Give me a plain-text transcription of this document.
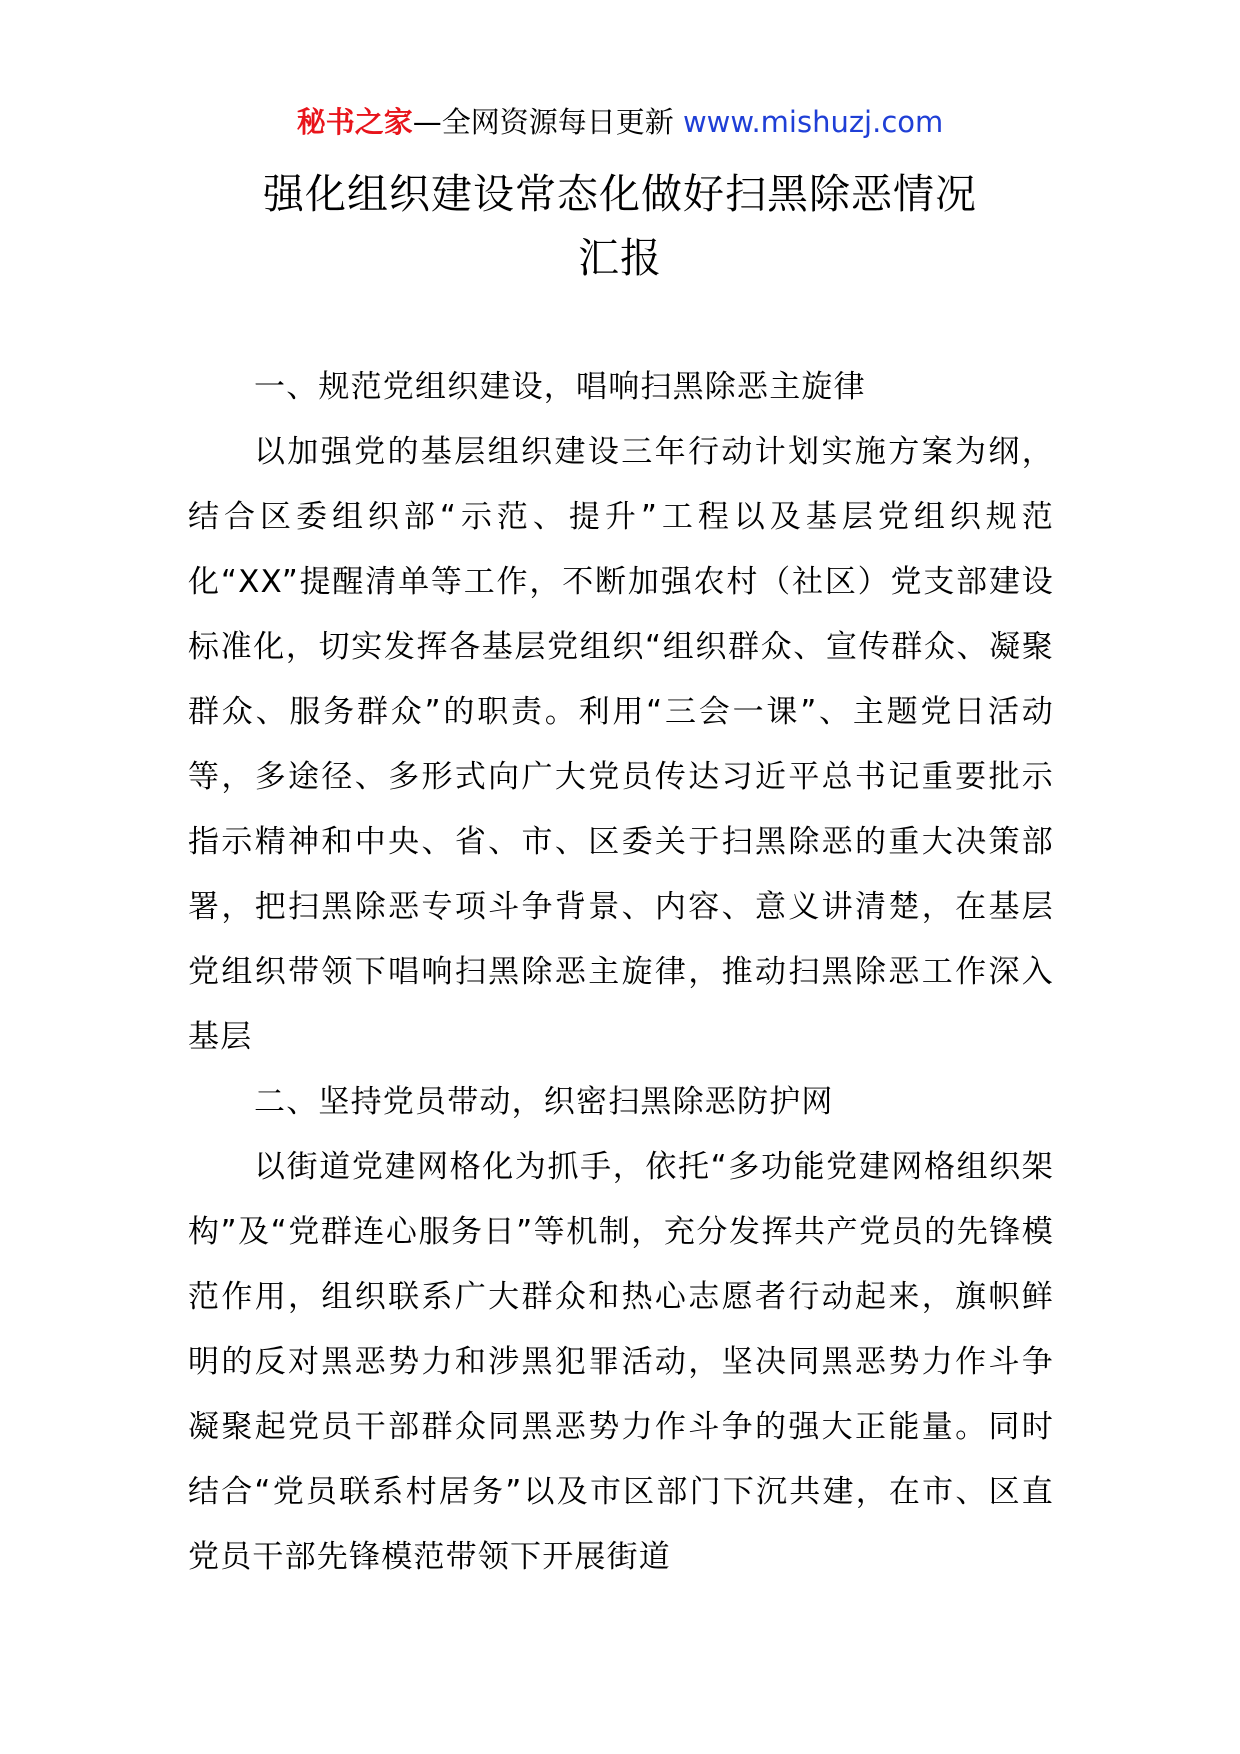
秘书之家—全网资源每日更新 www.mishuzj.com
强化组织建设常态化做好扫黑除恶情况
汇报

一、规范党组织建设，唱响扫黑除恶主旋律

以加强党的基层组织建设三年行动计划实施方案为纲，结合区委组织部“示范、提升”工程以及基层党组织规范化“XX”提醒清单等工作，不断加强农村（社区）党支部建设标准化，切实发挥各基层党组织“组织群众、宣传群众、凝聚群众、服务群众”的职责。利用“三会一课”、主题党日活动等，多途径、多形式向广大党员传达习近平总书记重要批示指示精神和中央、省、市、区委关于扫黑除恶的重大决策部署，把扫黑除恶专项斗争背景、内容、意义讲清楚，在基层党组织带领下唱响扫黑除恶主旋律，推动扫黑除恶工作深入基层

二、坚持党员带动，织密扫黑除恶防护网

以街道党建网格化为抓手，依托“多功能党建网格组织架构”及“党群连心服务日”等机制，充分发挥共产党员的先锋模范作用，组织联系广大群众和热心志愿者行动起来，旗帜鲜明的反对黑恶势力和涉黑犯罪活动，坚决同黑恶势力作斗争凝聚起党员干部群众同黑恶势力作斗争的强大正能量。同时结合“党员联系村居务”以及市区部门下沉共建，在市、区直党员干部先锋模范带领下开展街道
